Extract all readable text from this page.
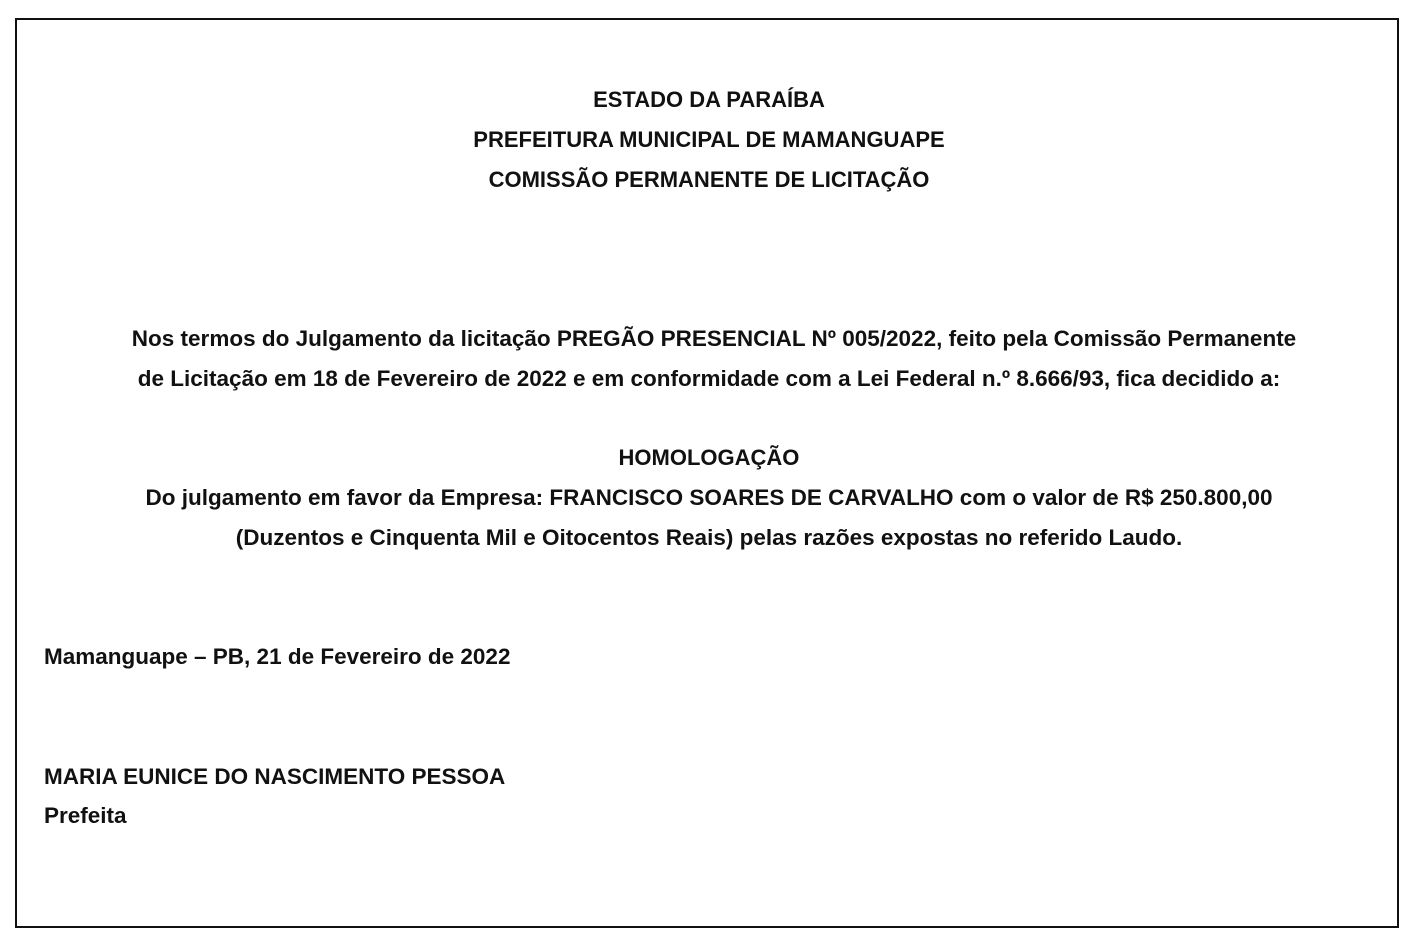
ESTADO DA PARAÍBA
PREFEITURA MUNICIPAL DE MAMANGUAPE
COMISSÃO PERMANENTE DE LICITAÇÃO
Nos termos do Julgamento da licitação PREGÃO PRESENCIAL Nº 005/2022, feito pela Comissão Permanente
de Licitação em 18 de Fevereiro de 2022 e em conformidade com a Lei Federal n.º 8.666/93, fica decidido a:
HOMOLOGAÇÃO
Do julgamento em favor da Empresa: FRANCISCO SOARES DE CARVALHO com o valor de R$ 250.800,00
(Duzentos e Cinquenta Mil e Oitocentos Reais) pelas razões expostas no referido Laudo.
Mamanguape – PB, 21 de Fevereiro de 2022
MARIA EUNICE DO NASCIMENTO PESSOA
Prefeita
